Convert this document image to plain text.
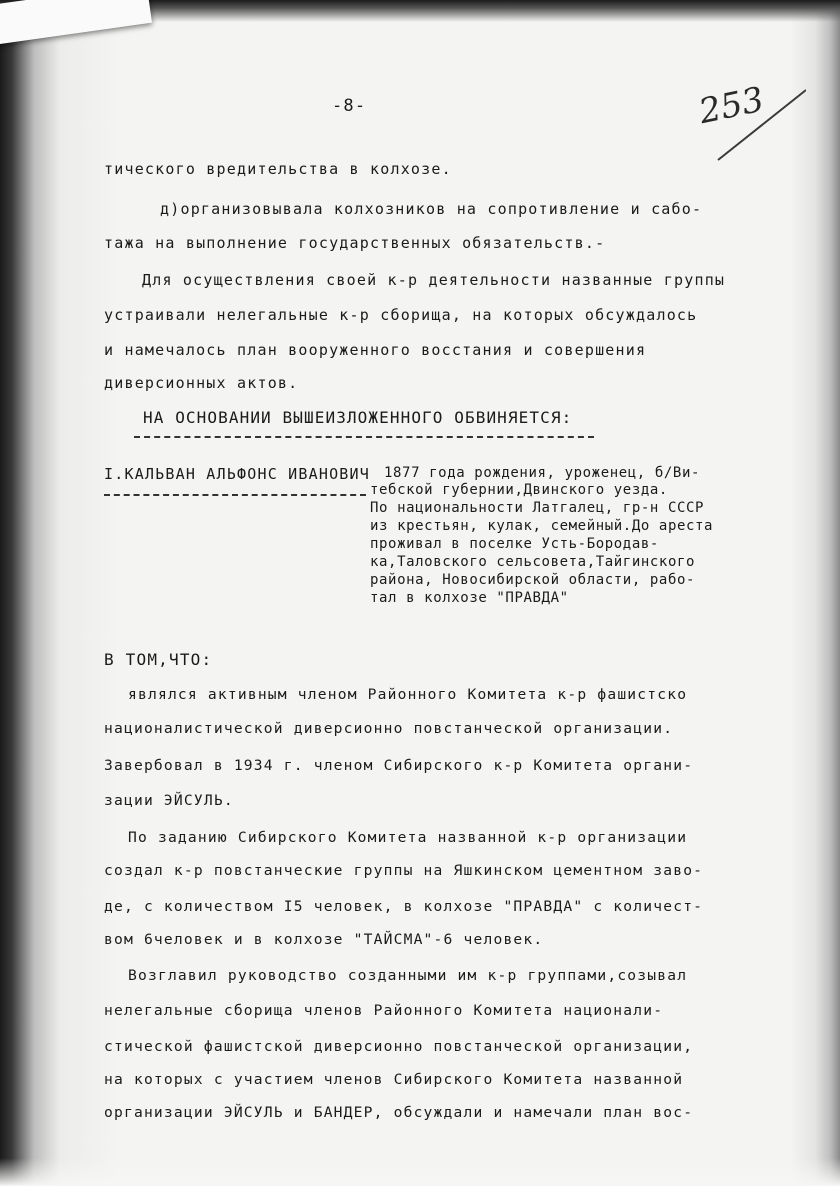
-8-	253
тического вредительства в колхозе.
д)организовывала колхозников на сопротивление и сабо-
тажа на выполнение государственных обязательств.-
Для осуществления своей к-р деятельности названные группы
устраивали нелегальные к-р сборища, на которых обсуждалось
и намечалось план вооруженного восстания и совершения
диверсионных актов.
НА ОСНОВАНИИ ВЫШЕИЗЛОЖЕННОГО ОБВИНЯЕТСЯ:
I.КАЛЬВАН АЛЬФОНС ИВАНОВИЧ 1877 года рождения, уроженец, б/Ви-
тебской губернии,Двинского уезда.
По национальности Латгалец, гр-н СССР
из крестьян, кулак, семейный.До ареста
проживал в поселке Усть-Бородав-
ка,Таловского сельсовета,Тайгинского
района, Новосибирской области, рабо-
тал в колхозе "ПРАВДА"
В ТОМ,ЧТО:
являлся активным членом Районного Комитета к-р фашистско
националистической диверсионно повстанческой организации.
Завербовал в 1934 г. членом Сибирского к-р Комитета органи-
зации ЭЙСУЛЬ.
По заданию Сибирского Комитета названной к-р организации
создал к-р повстанческие группы на Яшкинском цементном заво-
де, с количеством I5 человек, в колхозе "ПРАВДА" с количест-
вом 6человек и в колхозе "ТАЙСМА"-6 человек.
Возглавил руководство созданными им к-р группами,созывал
нелегальные сборища членов Районного Комитета национали-
стической фашистской диверсионно повстанческой организации,
на которых с участием членов Сибирского Комитета названной
организации ЭЙСУЛЬ и БАНДЕР, обсуждали и намечали план вос-
